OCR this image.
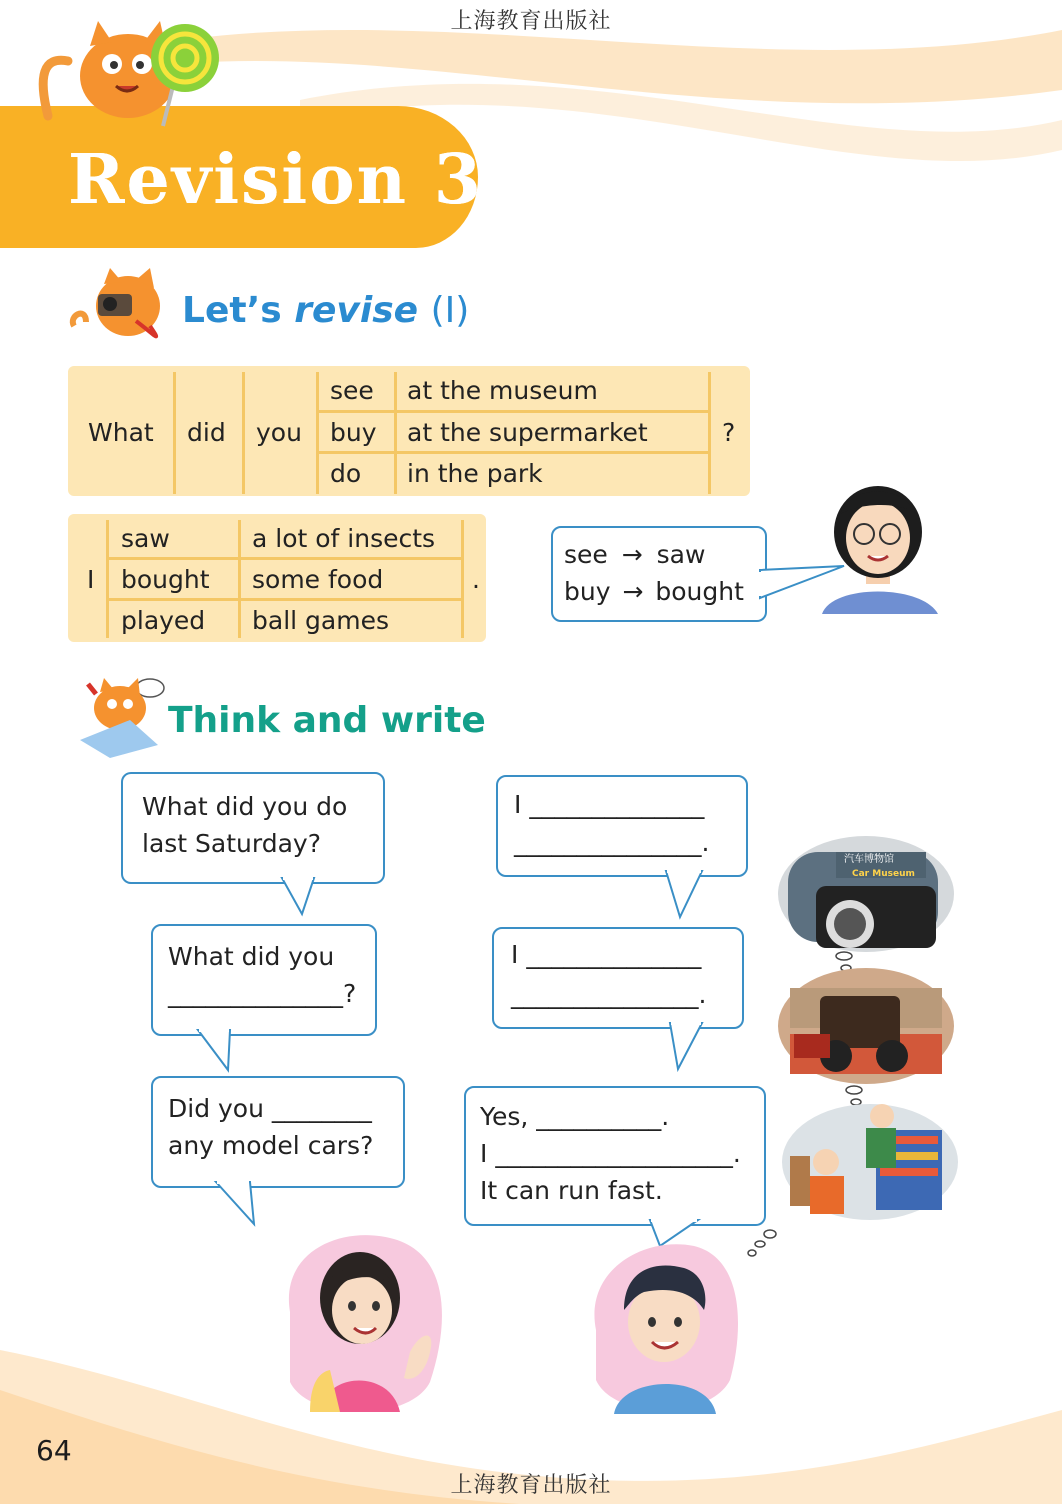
上海教育出版社
Revision 3
Let’s revise (I)
What did you
see
buy
do
at the museum
at the supermarket
in the park
?
I
saw
bought
played
a lot of insects
some food
ball games
.
see → saw
buy → bought
Think and write
What did you do
last Saturday?
What did you
______________?
Did you ________
any model cars?
I ______________
_______________.
I ______________
_______________.
Yes, __________.
I ___________________.
It can run fast.
汽车博物馆
Car Museum
64
上海教育出版社
